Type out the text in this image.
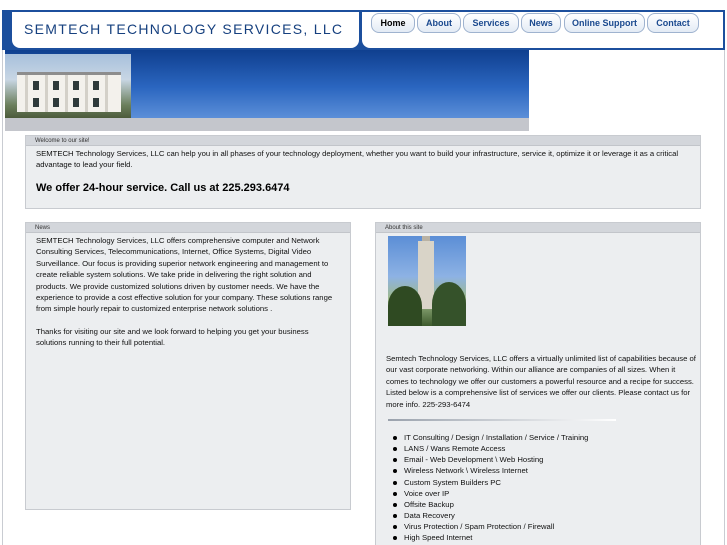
SEMTECH TECHNOLOGY SERVICES, LLC	Home	About	Services	News	Online Support	Contact
Welcome to our site!
SEMTECH Technology Services, LLC can help you in all phases of your technology deployment, whether you want to build your infrastructure, service it, optimize it or leverage it as a critical advantage to lead your field.
We offer 24-hour service. Call us at 225.293.6474
News
SEMTECH Technology Services, LLC offers comprehensive computer and Network Consulting Services, Telecommunications, Internet, Office Systems, Digital Video Surveillance. Our focus is providing superior network engineering and management to create reliable system solutions. We take pride in delivering the right solution and products. We provide customized solutions driven by customer needs. We have the experience to provide a cost effective solution for your company. These solutions range from simple hourly repair to customized enterprise network solutions .
Thanks for visiting our site and we look forward to helping you get your business solutions running to their full potential.
About this site
Semtech Technology Services, LLC offers a virtually unlimited list of capabilities because of our vast corporate networking. Within our alliance are companies of all sizes. When it comes to technology we offer our customers a powerful resource and a recipe for success. Listed below is a comprehensive list of services we offer our clients. Please contact us for more info. 225-293-6474
IT Consulting / Design / Installation / Service / Training
LANS / Wans Remote Access
Email - Web Development \ Web Hosting
Wireless Network \ Wireless Internet
Custom System Builders PC
Voice over IP
Offsite Backup
Data Recovery
Virus Protection / Spam Protection / Firewall
High Speed Internet
